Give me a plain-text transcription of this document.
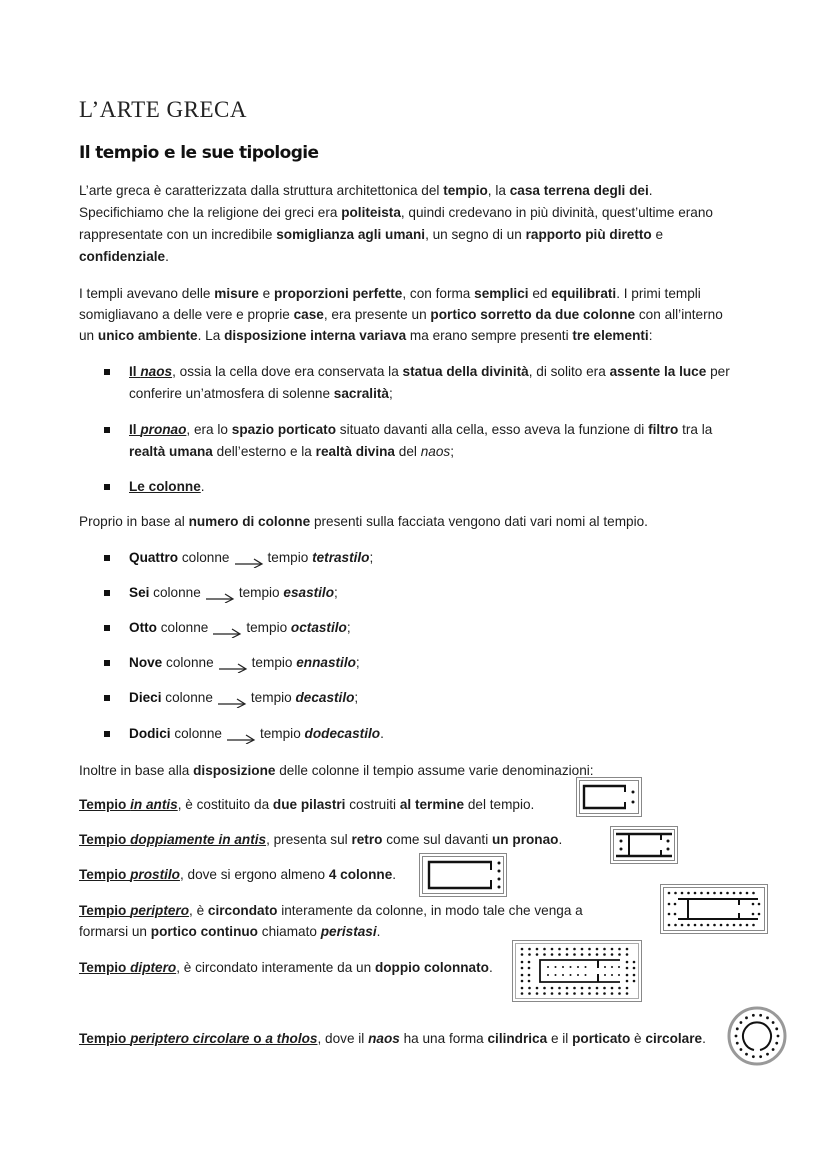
L’ARTE GRECA
Il tempio e le sue tipologie

L’arte greca è caratterizzata dalla struttura architettonica del tempio, la casa terrena degli dei.

Specifichiamo che la religione dei greci era politeista, quindi credevano in più divinità, quest’ultime erano

rappresentate con un incredibile somiglianza agli umani, un segno di un rapporto più diretto e

confidenziale.

I templi avevano delle misure e proporzioni perfette, con forma semplici ed equilibrati. I primi templi

somigliavano a delle vere e proprie case, era presente un portico sorretto da due colonne con all’interno

un unico ambiente. La disposizione interna variava ma erano sempre presenti tre elementi:

Il naos, ossia la cella dove era conservata la statua della divinità, di solito era assente la luce per

conferire un’atmosfera di solenne sacralità;

Il pronao, era lo spazio porticato situato davanti alla cella, esso aveva la funzione di filtro tra la

realtà umana dell’esterno e la realtà divina del naos;

Le colonne.

Proprio in base al numero di colonne presenti sulla facciata vengono dati vari nomi al tempio.

Quattro colonne	tempio tetrastilo;

Sei colonne	tempio esastilo;

Otto colonne	tempio octastilo;

Nove colonne	tempio ennastilo;

Dieci colonne	tempio decastilo;

Dodici colonne	tempio dodecastilo.

Inoltre in base alla disposizione delle colonne il tempio assume varie denominazioni:

Tempio in antis, è costituito da due pilastri costruiti al termine del tempio.

Tempio doppiamente in antis, presenta sul retro come sul davanti un pronao.

Tempio prostilo, dove si ergono almeno 4 colonne.

Tempio periptero, è circondato interamente da colonne, in modo tale che venga a

formarsi un portico continuo chiamato peristasi.

Tempio diptero, è circondato interamente da un doppio colonnato.

Tempio periptero circolare o a tholos, dove il naos ha una forma cilindrica e il porticato è circolare.
